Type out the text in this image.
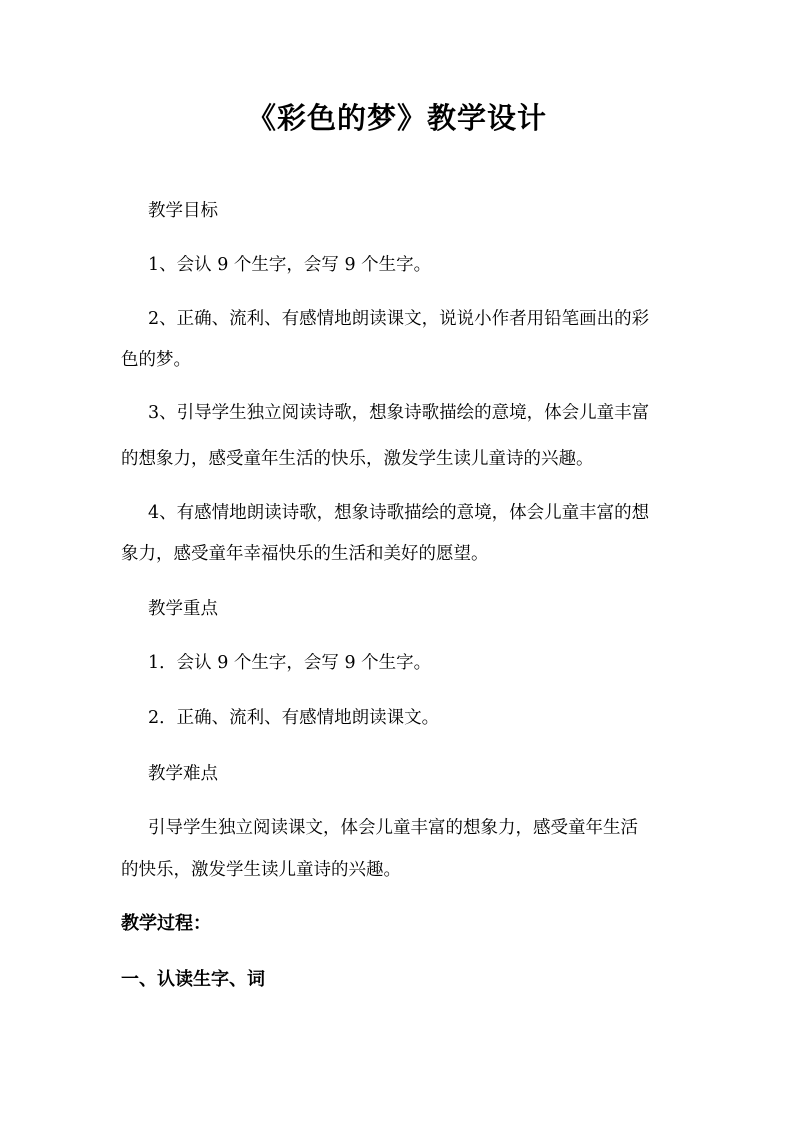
《彩色的梦》教学设计
教学目标
1、会认 9 个生字，会写 9 个生字。
2、正确、流利、有感情地朗读课文，说说小作者用铅笔画出的彩
色的梦。
3、引导学生独立阅读诗歌，想象诗歌描绘的意境，体会儿童丰富
的想象力，感受童年生活的快乐，激发学生读儿童诗的兴趣。
4、有感情地朗读诗歌，想象诗歌描绘的意境，体会儿童丰富的想
象力，感受童年幸福快乐的生活和美好的愿望。
教学重点
1．会认 9 个生字，会写 9 个生字。
2．正确、流利、有感情地朗读课文。
教学难点
引导学生独立阅读课文，体会儿童丰富的想象力，感受童年生活
的快乐，激发学生读儿童诗的兴趣。
教学过程：
一、认读生字、词
